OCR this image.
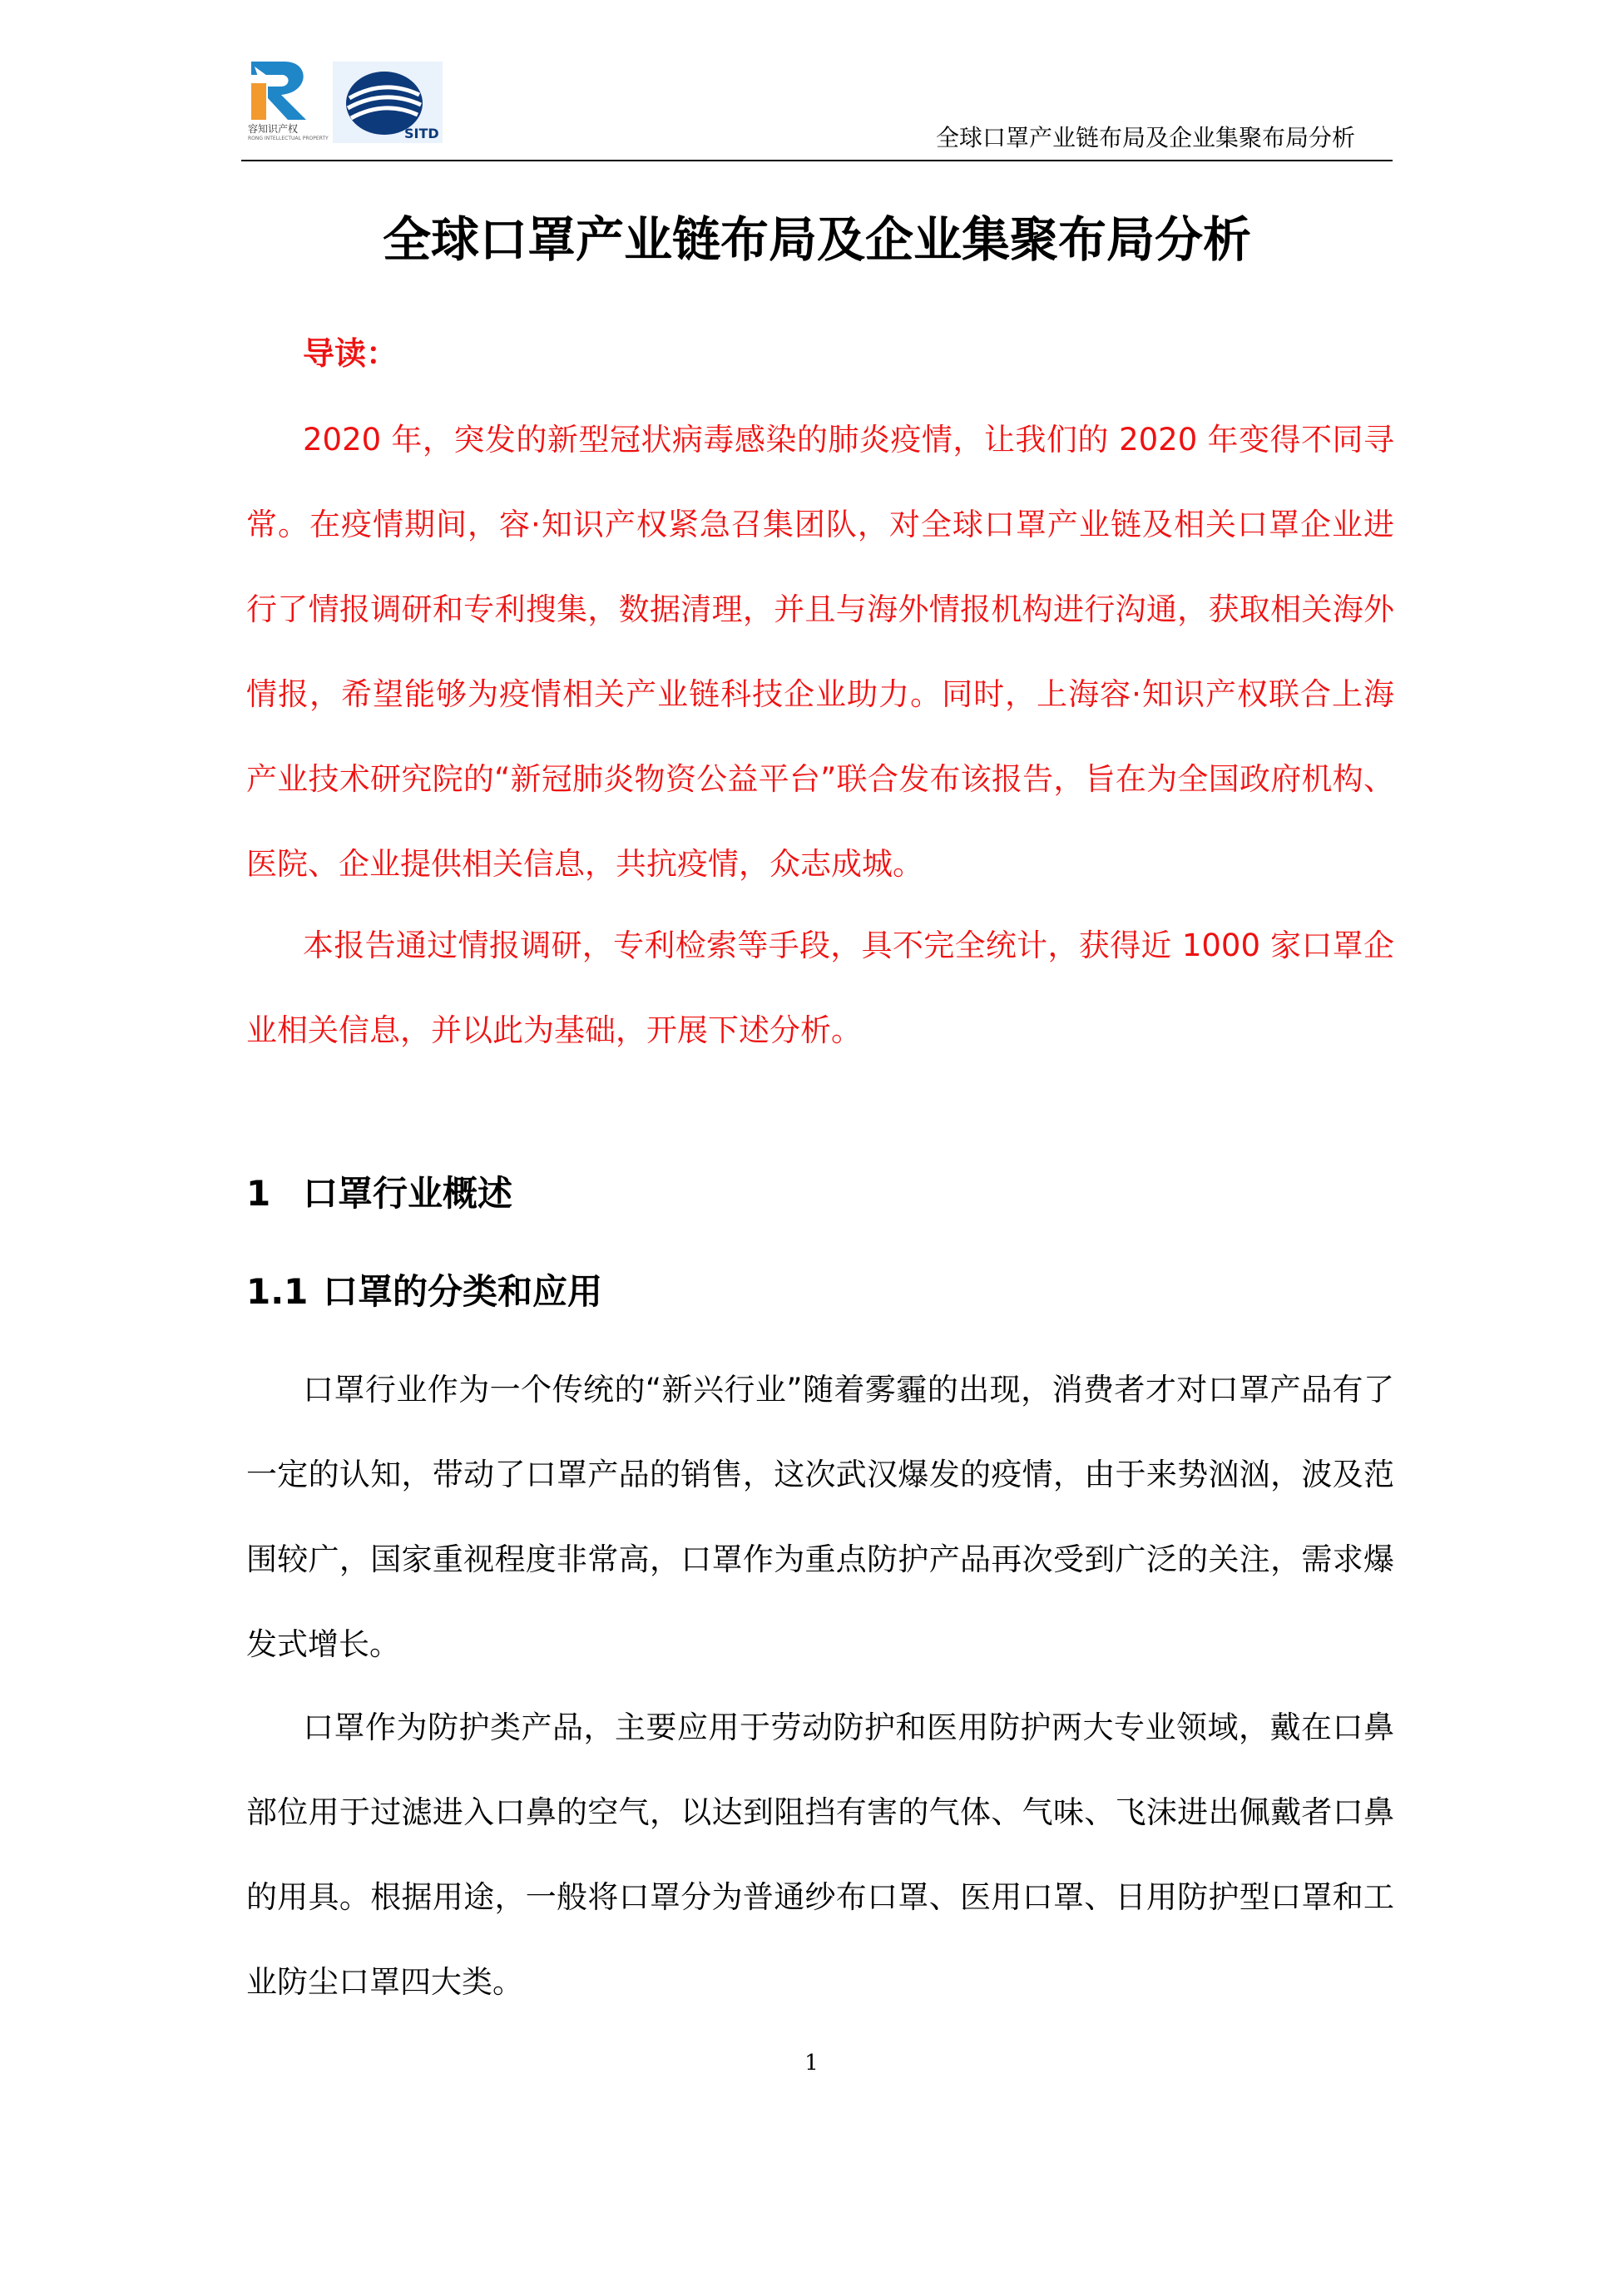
容知识产权
RONG INTELLECTUAL PROPERTY	SITD	全球口罩产业链布局及企业集聚布局分析
全球口罩产业链布局及企业集聚布局分析
导读：
2020 年，突发的新型冠状病毒感染的肺炎疫情，让我们的 2020 年变得不同寻常。在疫情期间，容·知识产权紧急召集团队，对全球口罩产业链及相关口罩企业进行了情报调研和专利搜集，数据清理，并且与海外情报机构进行沟通，获取相关海外情报，希望能够为疫情相关产业链科技企业助力。同时，上海容·知识产权联合上海产业技术研究院的“新冠肺炎物资公益平台”联合发布该报告，旨在为全国政府机构、医院、企业提供相关信息，共抗疫情，众志成城。
本报告通过情报调研，专利检索等手段，具不完全统计，获得近 1000 家口罩企业相关信息，并以此为基础，开展下述分析。
1 口罩行业概述
1.1 口罩的分类和应用
口罩行业作为一个传统的“新兴行业”随着雾霾的出现，消费者才对口罩产品有了一定的认知，带动了口罩产品的销售，这次武汉爆发的疫情，由于来势汹汹，波及范围较广，国家重视程度非常高，口罩作为重点防护产品再次受到广泛的关注，需求爆发式增长。
口罩作为防护类产品，主要应用于劳动防护和医用防护两大专业领域，戴在口鼻部位用于过滤进入口鼻的空气，以达到阻挡有害的气体、气味、飞沫进出佩戴者口鼻的用具。根据用途，一般将口罩分为普通纱布口罩、医用口罩、日用防护型口罩和工业防尘口罩四大类。
1
